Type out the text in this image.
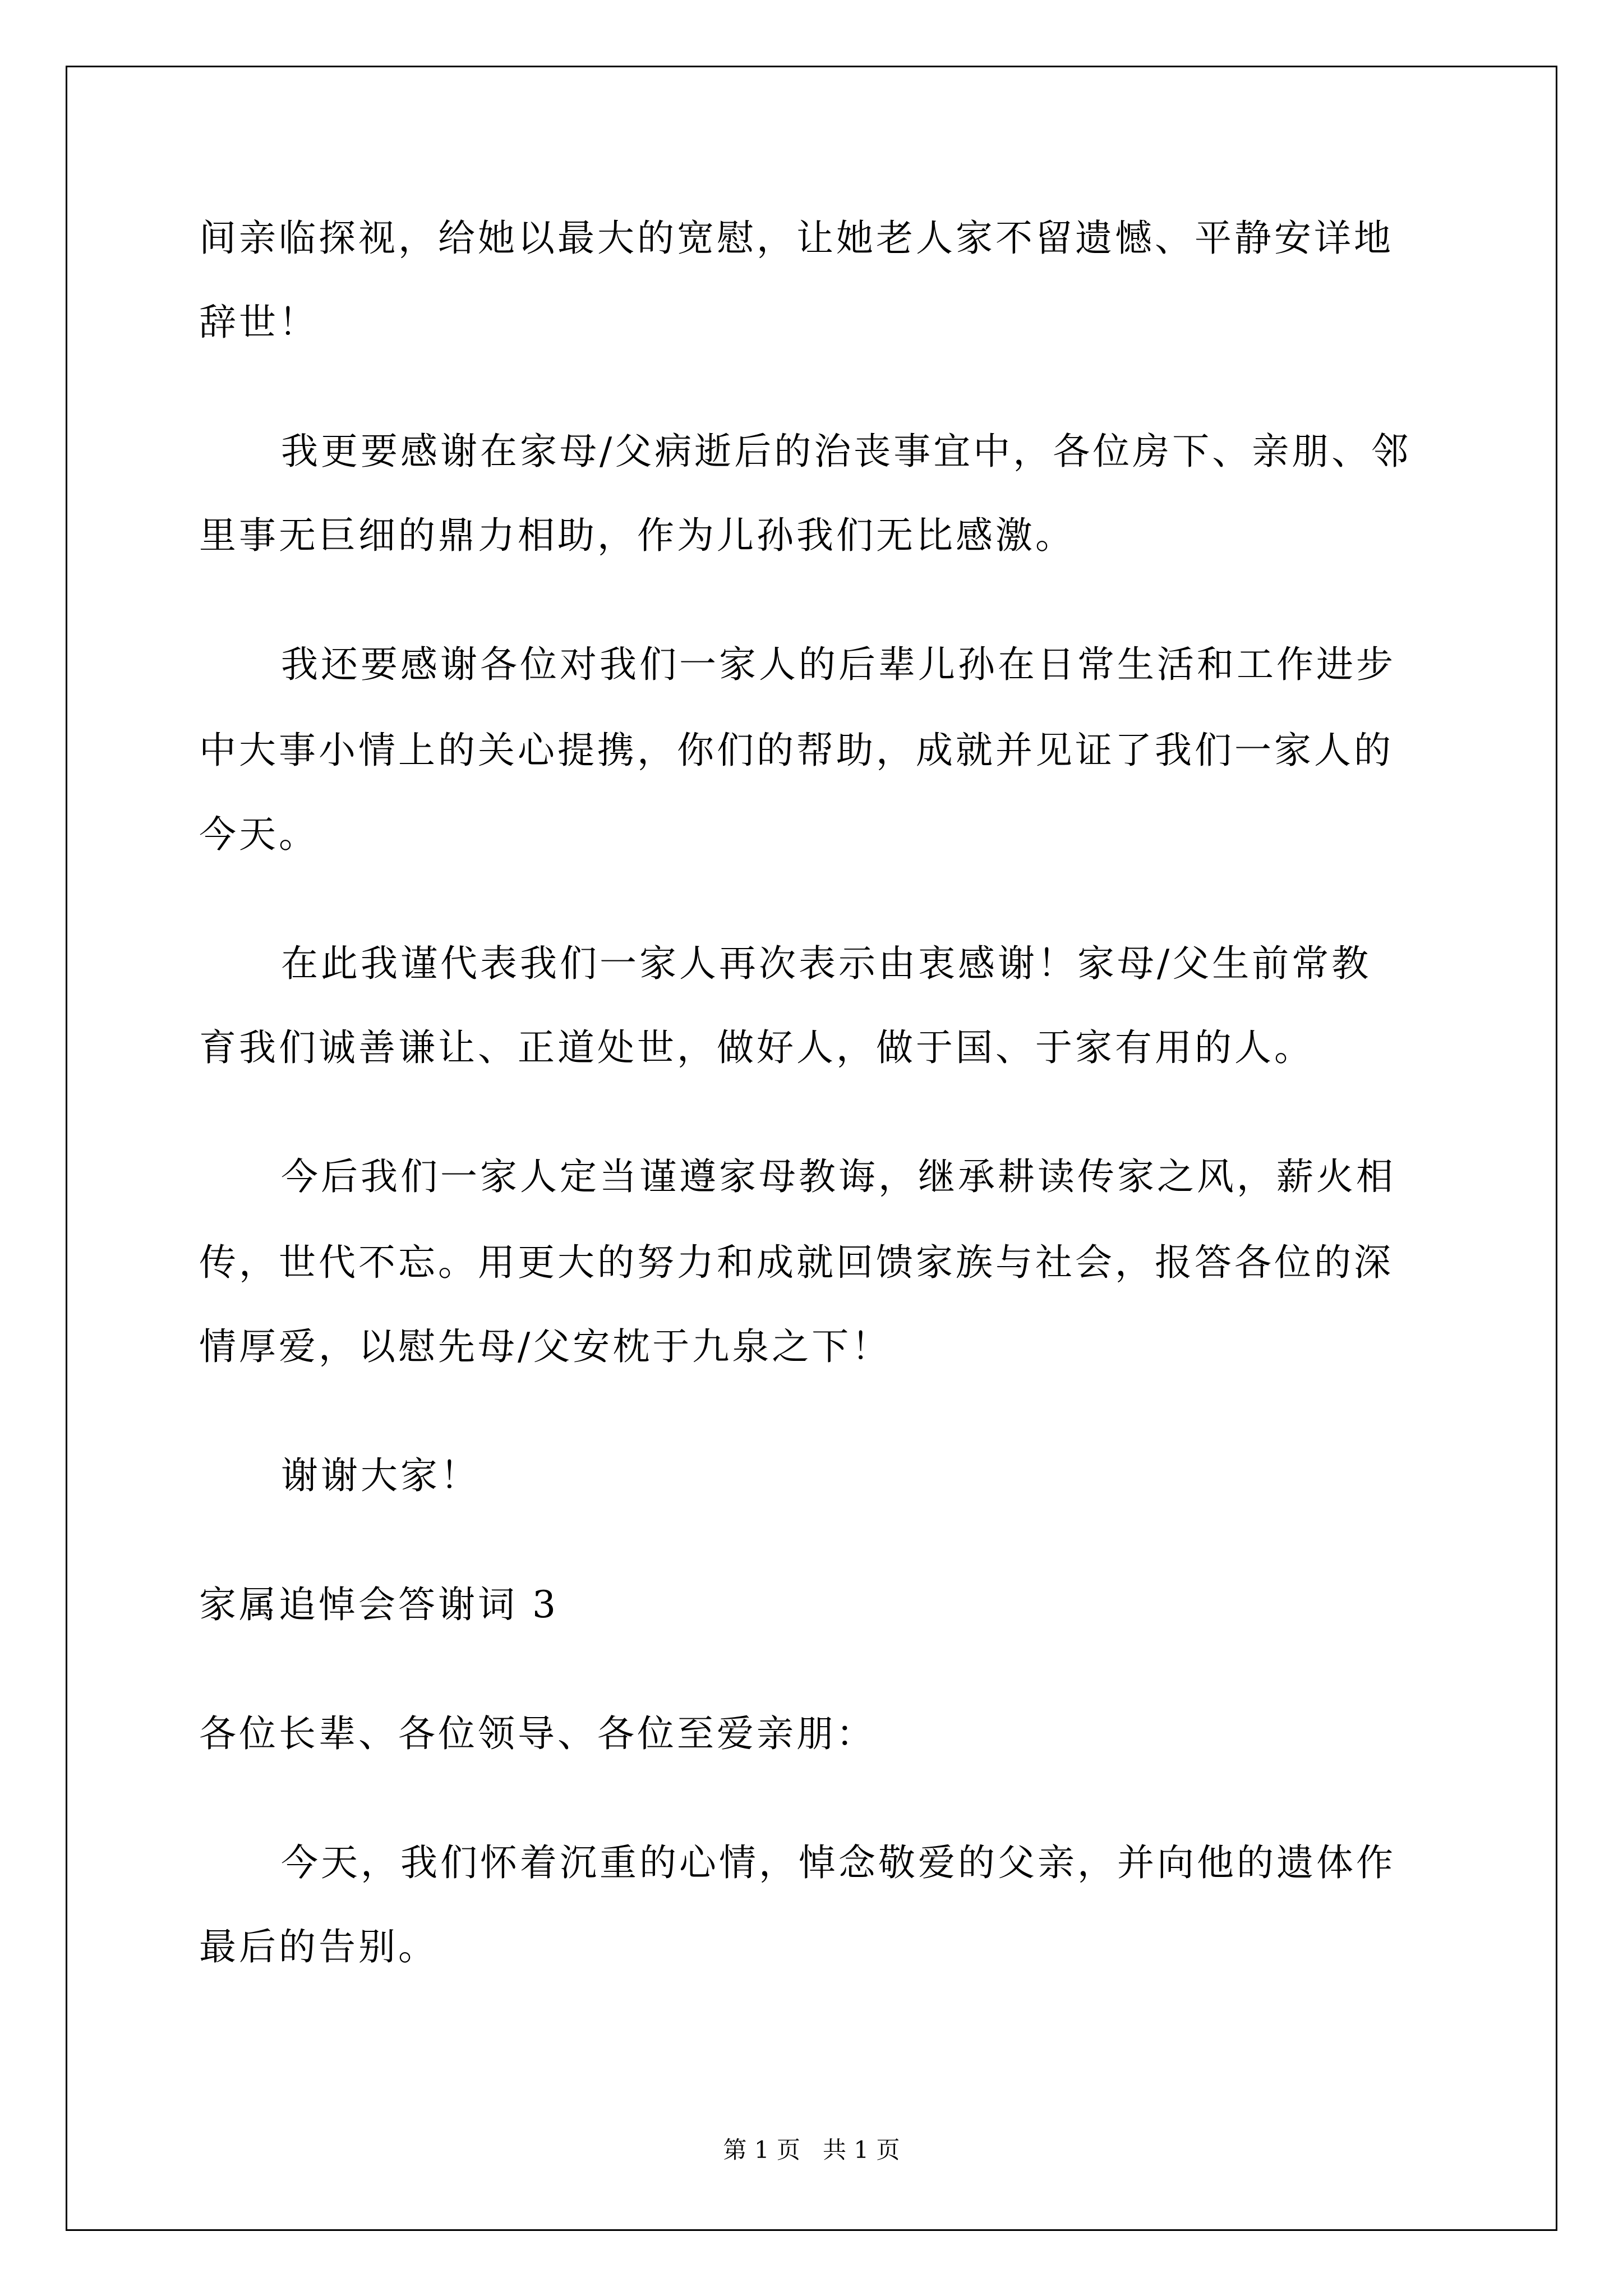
间亲临探视，给她以最大的宽慰，让她老人家不留遗憾、平静安详地
辞世！
我更要感谢在家母/父病逝后的治丧事宜中，各位房下、亲朋、邻
里事无巨细的鼎力相助，作为儿孙我们无比感激。
我还要感谢各位对我们一家人的后辈儿孙在日常生活和工作进步
中大事小情上的关心提携，你们的帮助，成就并见证了我们一家人的
今天。
在此我谨代表我们一家人再次表示由衷感谢！家母/父生前常教
育我们诚善谦让、正道处世，做好人，做于国、于家有用的人。
今后我们一家人定当谨遵家母教诲，继承耕读传家之风，薪火相
传，世代不忘。用更大的努力和成就回馈家族与社会，报答各位的深
情厚爱，以慰先母/父安枕于九泉之下！
谢谢大家！
家属追悼会答谢词 3
各位长辈、各位领导、各位至爱亲朋：
今天，我们怀着沉重的心情，悼念敬爱的父亲，并向他的遗体作
最后的告别。
第 1 页   共 1 页
